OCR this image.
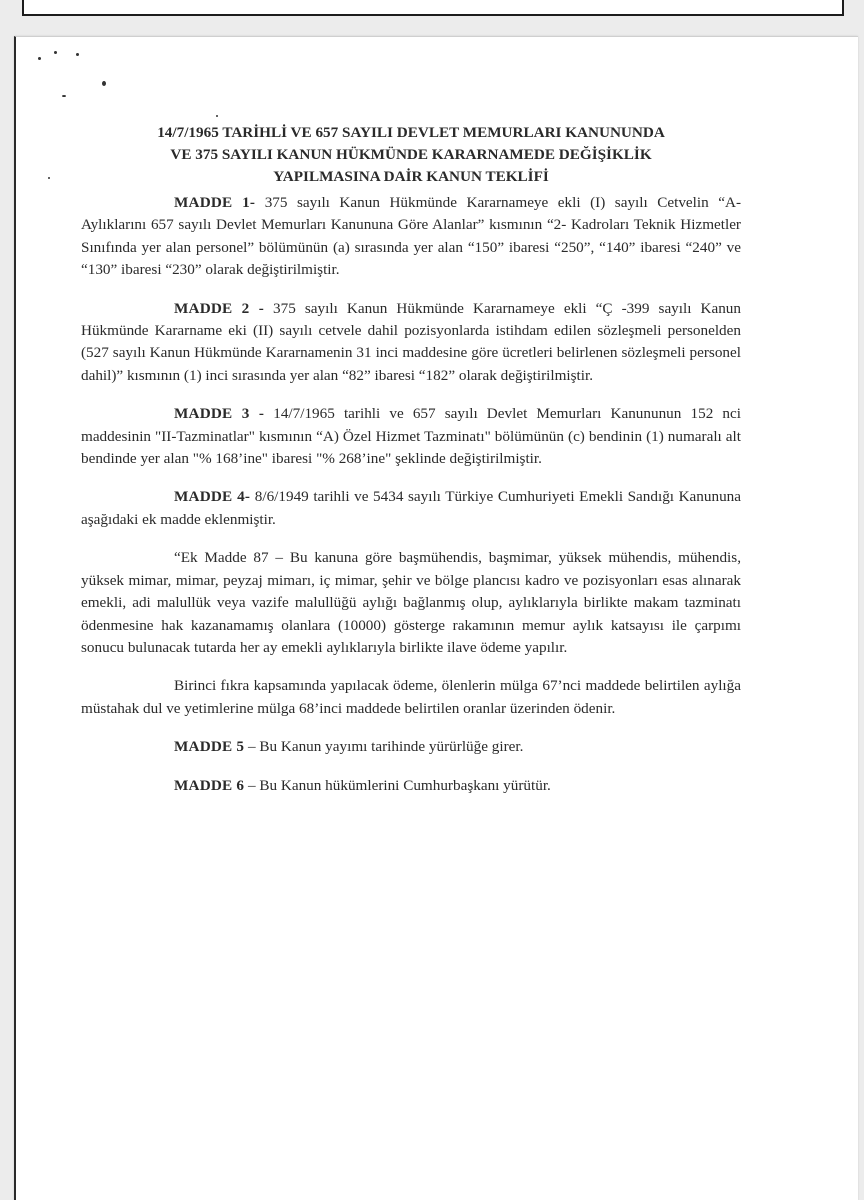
14/7/1965 TARİHLİ VE 657 SAYILI DEVLET MEMURLARI KANUNUNDA
VE 375 SAYILI KANUN HÜKMÜNDE KARARNAMEDE DEĞİŞİKLİK
YAPILMASINA DAİR KANUN TEKLİFİ

MADDE 1- 375 sayılı Kanun Hükmünde Kararnameye ekli (I) sayılı Cetvelin “A-Aylıklarını 657 sayılı Devlet Memurları Kanununa Göre Alanlar” kısmının “2- Kadroları Teknik Hizmetler Sınıfında yer alan personel” bölümünün (a) sırasında yer alan “150” ibaresi “250”, “140” ibaresi “240” ve “130” ibaresi “230” olarak değiştirilmiştir.

MADDE 2 - 375 sayılı Kanun Hükmünde Kararnameye ekli “Ç -399 sayılı Kanun Hükmünde Kararname eki (II) sayılı cetvele dahil pozisyonlarda istihdam edilen sözleşmeli personelden (527 sayılı Kanun Hükmünde Kararnamenin 31 inci maddesine göre ücretleri belirlenen sözleşmeli personel dahil)” kısmının (1) inci sırasında yer alan “82” ibaresi “182” olarak değiştirilmiştir.

MADDE 3 - 14/7/1965 tarihli ve 657 sayılı Devlet Memurları Kanununun 152 nci maddesinin "II-Tazminatlar" kısmının “A) Özel Hizmet Tazminatı" bölümünün (c) bendinin (1) numaralı alt bendinde yer alan "% 168’ine" ibaresi "% 268’ine" şeklinde değiştirilmiştir.

MADDE 4- 8/6/1949 tarihli ve 5434 sayılı Türkiye Cumhuriyeti Emekli Sandığı Kanununa aşağıdaki ek madde eklenmiştir.

“Ek Madde 87 – Bu kanuna göre başmühendis, başmimar, yüksek mühendis, mühendis, yüksek mimar, mimar, peyzaj mimarı, iç mimar, şehir ve bölge plancısı kadro ve pozisyonları esas alınarak emekli, adi malullük veya vazife malullüğü aylığı bağlanmış olup, aylıklarıyla birlikte makam tazminatı ödenmesine hak kazanamamış olanlara (10000) gösterge rakamının memur aylık katsayısı ile çarpımı sonucu bulunacak tutarda her ay emekli aylıklarıyla birlikte ilave ödeme yapılır.

Birinci fıkra kapsamında yapılacak ödeme, ölenlerin mülga 67’nci maddede belirtilen aylığa müstahak dul ve yetimlerine mülga 68’inci maddede belirtilen oranlar üzerinden ödenir.

MADDE 5 – Bu Kanun yayımı tarihinde yürürlüğe girer.

MADDE 6 – Bu Kanun hükümlerini Cumhurbaşkanı yürütür.
